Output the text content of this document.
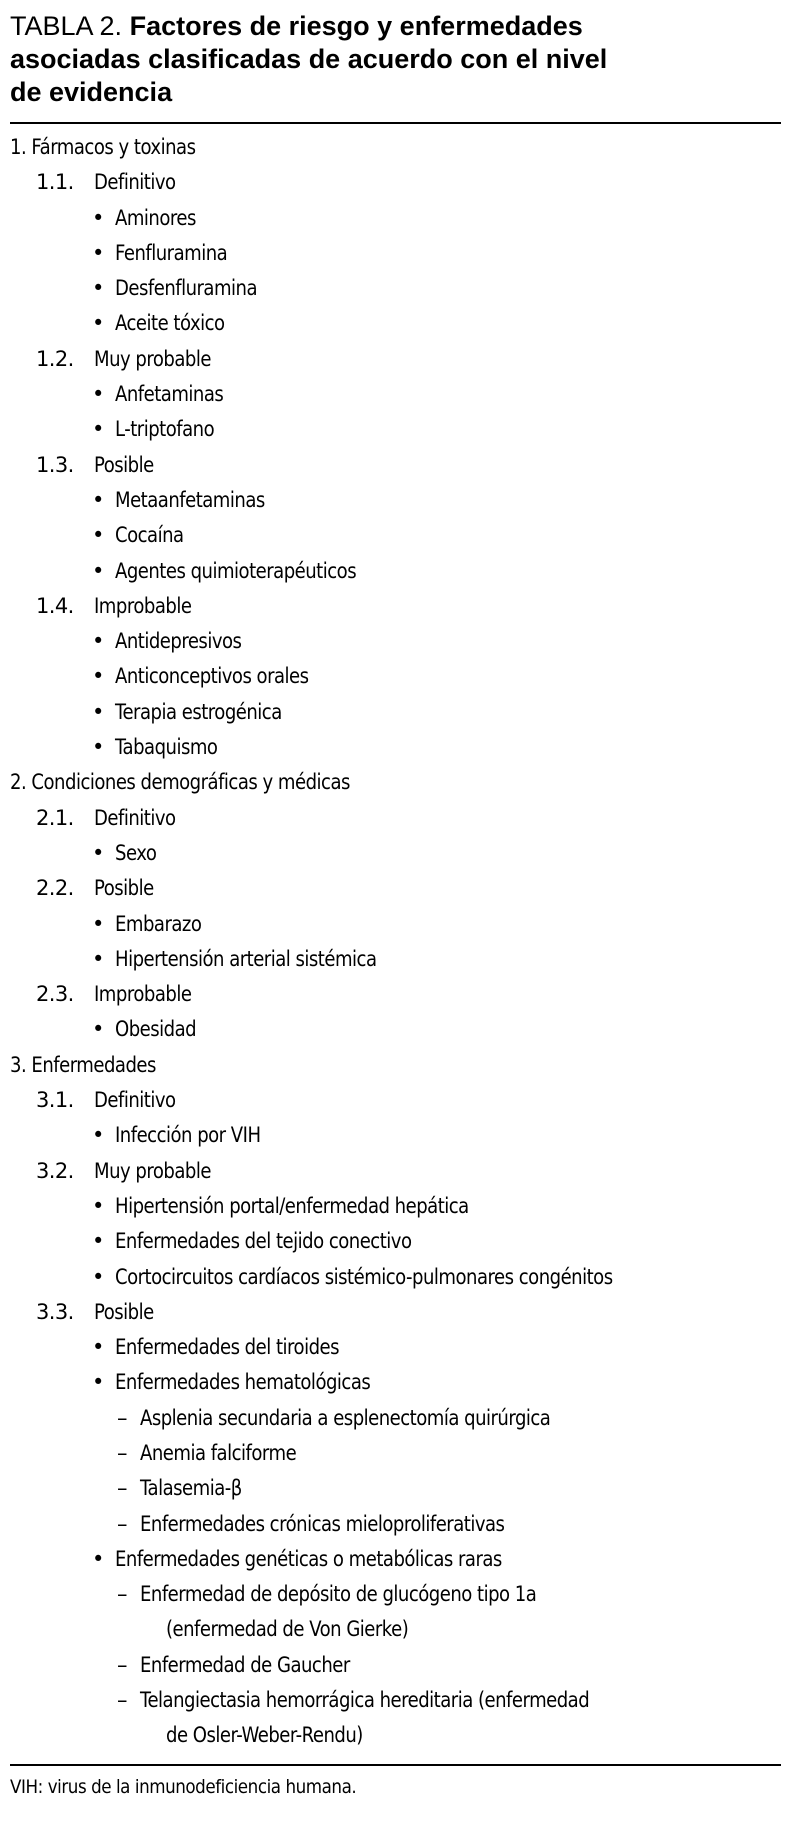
TABLA 2. Factores de riesgo y enfermedades
asociadas clasificadas de acuerdo con el nivel
de evidencia
1. Fármacos y toxinas
1.1. Definitivo
• Aminores
• Fenfluramina
• Desfenfluramina
• Aceite tóxico
1.2. Muy probable
• Anfetaminas
• L-triptofano
1.3. Posible
• Metaanfetaminas
• Cocaína
• Agentes quimioterapéuticos
1.4. Improbable
• Antidepresivos
• Anticonceptivos orales
• Terapia estrogénica
• Tabaquismo
2. Condiciones demográficas y médicas
2.1. Definitivo
• Sexo
2.2. Posible
• Embarazo
• Hipertensión arterial sistémica
2.3. Improbable
• Obesidad
3. Enfermedades
3.1. Definitivo
• Infección por VIH
3.2. Muy probable
• Hipertensión portal/enfermedad hepática
• Enfermedades del tejido conectivo
• Cortocircuitos cardíacos sistémico-pulmonares congénitos
3.3. Posible
• Enfermedades del tiroides
• Enfermedades hematológicas
– Asplenia secundaria a esplenectomía quirúrgica
– Anemia falciforme
– Talasemia-β
– Enfermedades crónicas mieloproliferativas
• Enfermedades genéticas o metabólicas raras
– Enfermedad de depósito de glucógeno tipo 1a
(enfermedad de Von Gierke)
– Enfermedad de Gaucher
– Telangiectasia hemorrágica hereditaria (enfermedad
de Osler-Weber-Rendu)

VIH: virus de la inmunodeficiencia humana.
